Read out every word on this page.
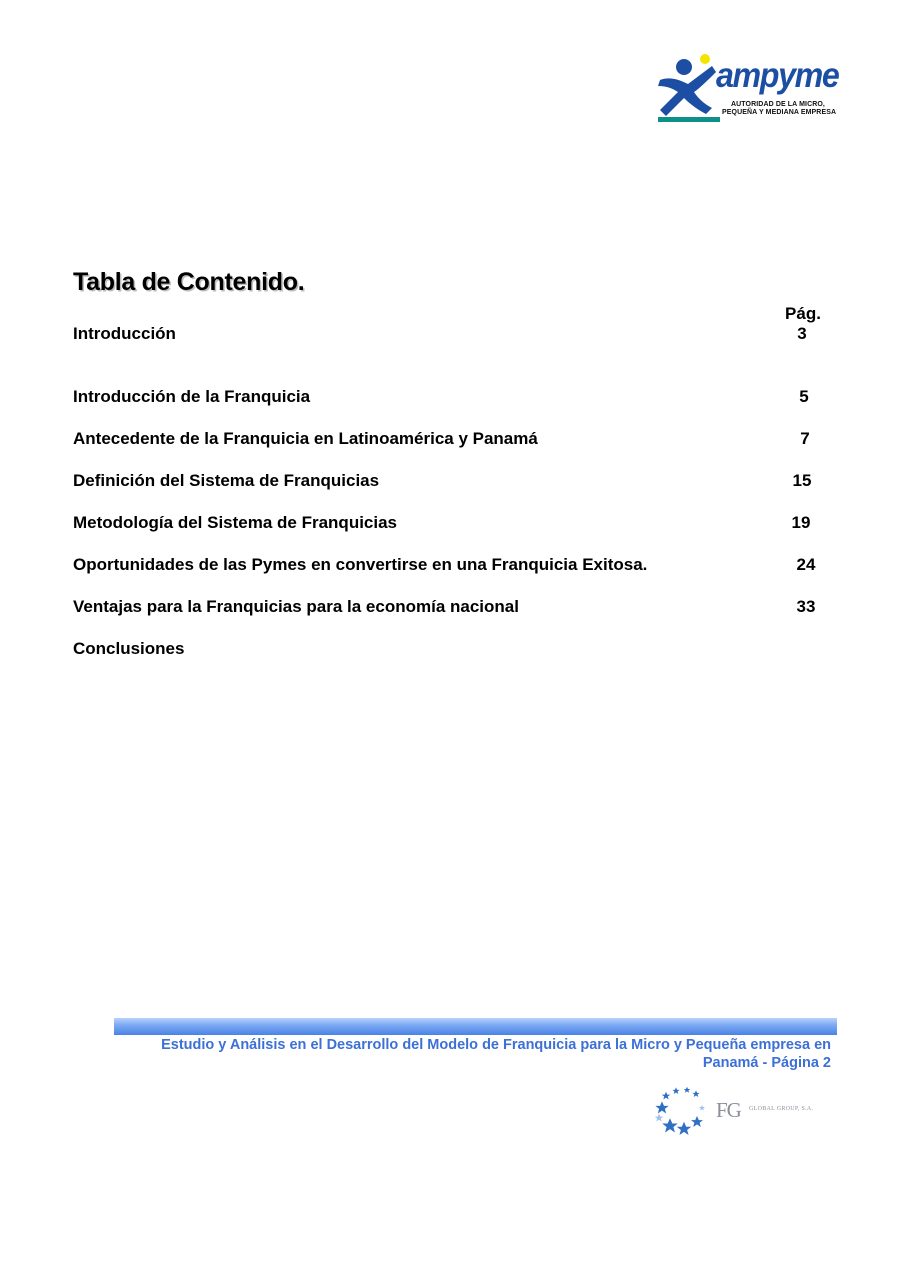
ampyme
AUTORIDAD DE LA MICRO,
PEQUEÑA Y MEDIANA EMPRESA
Tabla de Contenido.
Pág.
Introducción	3
Introducción de la Franquicia	5
Antecedente de la Franquicia en Latinoamérica y Panamá	7
Definición del Sistema de Franquicias	15
Metodología del Sistema de Franquicias	19
Oportunidades de las Pymes en convertirse en una Franquicia Exitosa.	24
Ventajas para la Franquicias para la economía nacional	33
Conclusiones
Estudio y Análisis en el Desarrollo del Modelo de Franquicia para la Micro y Pequeña empresa en
Panamá - Página 2
FG GLOBAL GROUP, S.A.
